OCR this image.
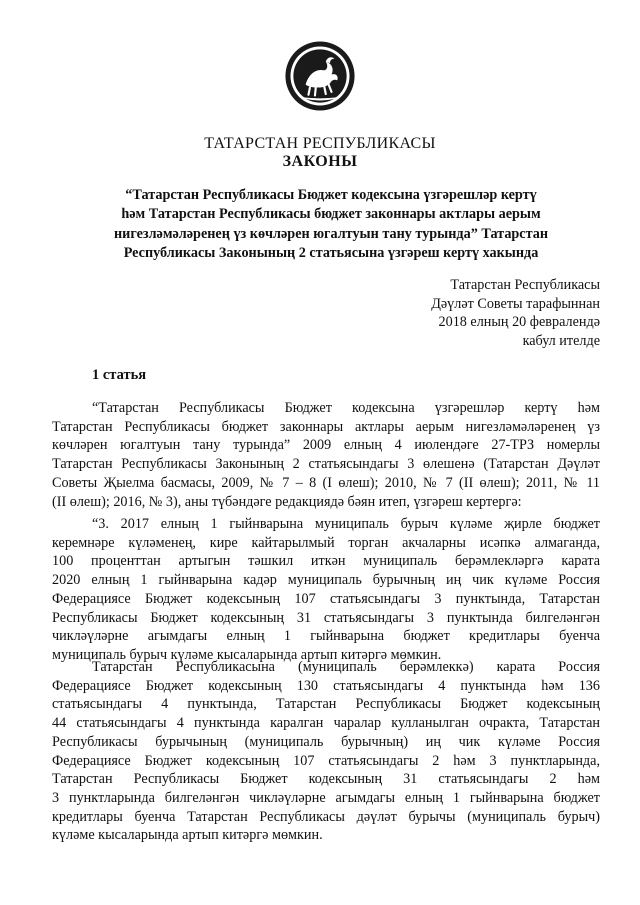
ТАТАРСТАН РЕСПУБЛИКАСЫ
ЗАКОНЫ
“Татарстан Республикасы Бюджет кодексына үзгәрешләр кертү
һәм Татарстан Республикасы бюджет законнары актлары аерым
нигезләмәләренең үз көчләрен югалтуын тану турында” Татарстан
Республикасы Законының 2 статьясына үзгәреш кертү хакында
Татарстан Республикасы
Дәүләт Советы тарафыннан
2018 елның 20 февралендә
кабул ителде
1 статья
“Татарстан Республикасы Бюджет кодексына үзгәрешләр кертү һәм
Татарстан Республикасы бюджет законнары актлары аерым нигезләмәләренең үз
көчләрен югалтуын тану турында” 2009 елның 4 июлендәге 27-ТРЗ номерлы
Татарстан Республикасы Законының 2 статьясындагы 3 өлешенә (Татарстан Дәүләт
Советы Җыелма басмасы, 2009, № 7 – 8 (I өлеш); 2010, № 7 (II өлеш); 2011, № 11
(II өлеш); 2016, № 3), аны түбәндәге редакциядә бәян итеп, үзгәреш кертергә:
“3. 2017 елның 1 гыйнварына муниципаль бурыч күләме җирле бюджет
керемнәре күләменең, кире кайтарылмый торган акчаларны исәпкә алмаганда,
100 проценттан артыгын тәшкил иткән муниципаль берәмлекләргә карата
2020 елның 1 гыйнварына кадәр муниципаль бурычның иң чик күләме Россия
Федерациясе Бюджет кодексының 107 статьясындагы 3 пунктында, Татарстан
Республикасы Бюджет кодексының 31 статьясындагы 3 пунктында билгеләнгән
чикләүләрне агымдагы елның 1 гыйнварына бюджет кредитлары буенча
муниципаль бурыч күләме кысаларында артып китәргә мөмкин.
Татарстан Республикасына (муниципаль берәмлеккә) карата Россия
Федерациясе Бюджет кодексының 130 статьясындагы 4 пунктында һәм 136
статьясындагы 4 пунктында, Татарстан Республикасы Бюджет кодексының
44 статьясындагы 4 пунктында каралган чаралар кулланылган очракта, Татарстан
Республикасы бурычының (муниципаль бурычның) иң чик күләме Россия
Федерациясе Бюджет кодексының 107 статьясындагы 2 һәм 3 пунктларында,
Татарстан Республикасы Бюджет кодексының 31 статьясындагы 2 һәм
3 пунктларында билгеләнгән чикләүләрне агымдагы елның 1 гыйнварына бюджет
кредитлары буенча Татарстан Республикасы дәүләт бурычы (муниципаль бурыч)
күләме кысаларында артып китәргә мөмкин.
